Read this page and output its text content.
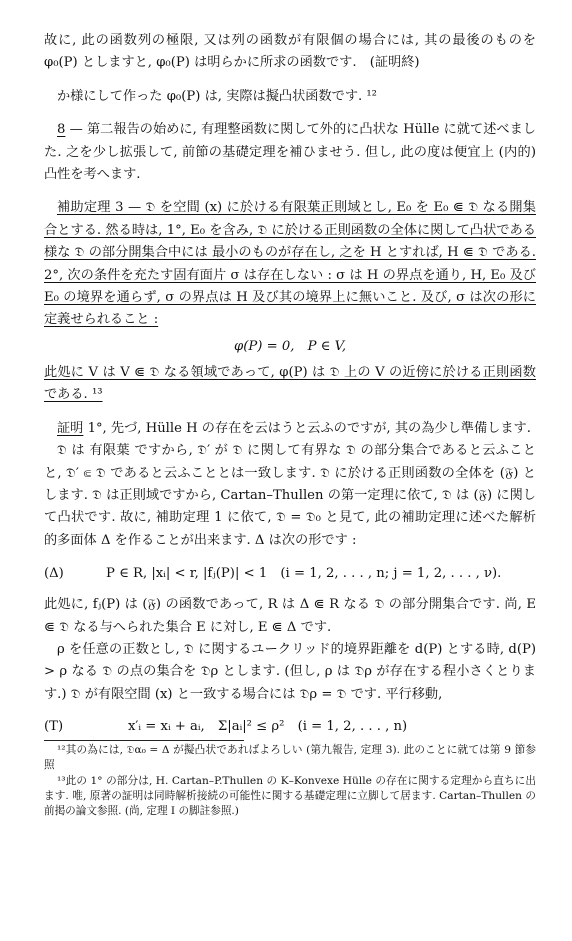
故に, 此の函数列の極限, 又は列の函数が有限個の場合には, 其の最後のものを φ₀(P) としますと, φ₀(P) は明らかに所求の函数です.　(証明終)

か様にして作った φ₀(P) は, 実際は擬凸状函数です. ¹²

8 — 第二報告の始めに, 有理整函数に関して外的に凸状な Hülle に就て述べました. 之を少し拡張して, 前節の基礎定理を補ひませう. 但し, 此の度は便宜上 (内的) 凸性を考へます.

補助定理 3 — 𝔇 を空間 (x) に於ける有限葉正則域とし, E₀ を E₀ ⋐ 𝔇 なる開集合とする. 然る時は, 1°, E₀ を含み, 𝔇 に於ける正則函数の全体に関して凸状である様な 𝔇 の部分開集合中には 最小のものが存在し, 之を H とすれば, H ⋐ 𝔇 である. 2°, 次の条件を充たす固有面片 σ は存在しない : σ は H の界点を通り, H, E₀ 及び E₀ の境界を通らず, σ の界点は H 及び其の境界上に無いこと. 及び, σ は次の形に定義せられること :

φ(P) = 0,　P ∈ V,

此処に V は V ⋐ 𝔇 なる領域であって, φ(P) は 𝔇 上の V の近傍に於ける正則函数である. ¹³

証明 1°, 先づ, Hülle H の存在を云はうと云ふのですが, 其の為少し準備します.

𝔇 は 有限葉 ですから, 𝔇′ が 𝔇 に関して有界な 𝔇 の部分集合であると云ふことと, 𝔇′ ⋐ 𝔇 であると云ふこととは一致します. 𝔇 に於ける正則函数の全体を (𝔉) とします. 𝔇 は正則域ですから, Cartan–Thullen の第一定理に依て, 𝔇 は (𝔉) に関して凸状です. 故に, 補助定理 1 に依て, 𝔇 = 𝔇₀ と見て, 此の補助定理に述べた解析的多面体 Δ を作ることが出来ます. Δ は次の形です :

(Δ)	P ∈ R, |xᵢ| < r, |fⱼ(P)| < 1　(i = 1, 2, . . . , n; j = 1, 2, . . . , ν).

此処に, fⱼ(P) は (𝔉) の函数であって, R は Δ ⋐ R なる 𝔇 の部分開集合です. 尚, E ⋐ 𝔇 なる与へられた集合 E に対し, E ⋐ Δ です.

ρ を任意の正数とし, 𝔇 に関するユークリッド的境界距離を d(P) とする時, d(P) > ρ なる 𝔇 の点の集合を 𝔇ρ とします. (但し, ρ は 𝔇ρ が存在する程小さくとります.) 𝔇 が有限空間 (x) と一致する場合には 𝔇ρ = 𝔇 です. 平行移動,

(T)	x′ᵢ = xᵢ + aᵢ,　Σ|aᵢ|² ≤ ρ²　(i = 1, 2, . . . , n)

¹²其の為には, 𝔇α₀ = Δ が擬凸状であればよろしい (第九報告, 定理 3). 此のことに就ては第 9 節参照

¹³此の 1° の部分は, H. Cartan–P.Thullen の K–Konvexe Hülle の存在に関する定理から直ちに出ます. 唯, 原著の証明は同時解析接続の可能性に関する基礎定理に立脚して居ます. Cartan–Thullen の前掲の論文参照. (尚, 定理 I の脚註参照.)
